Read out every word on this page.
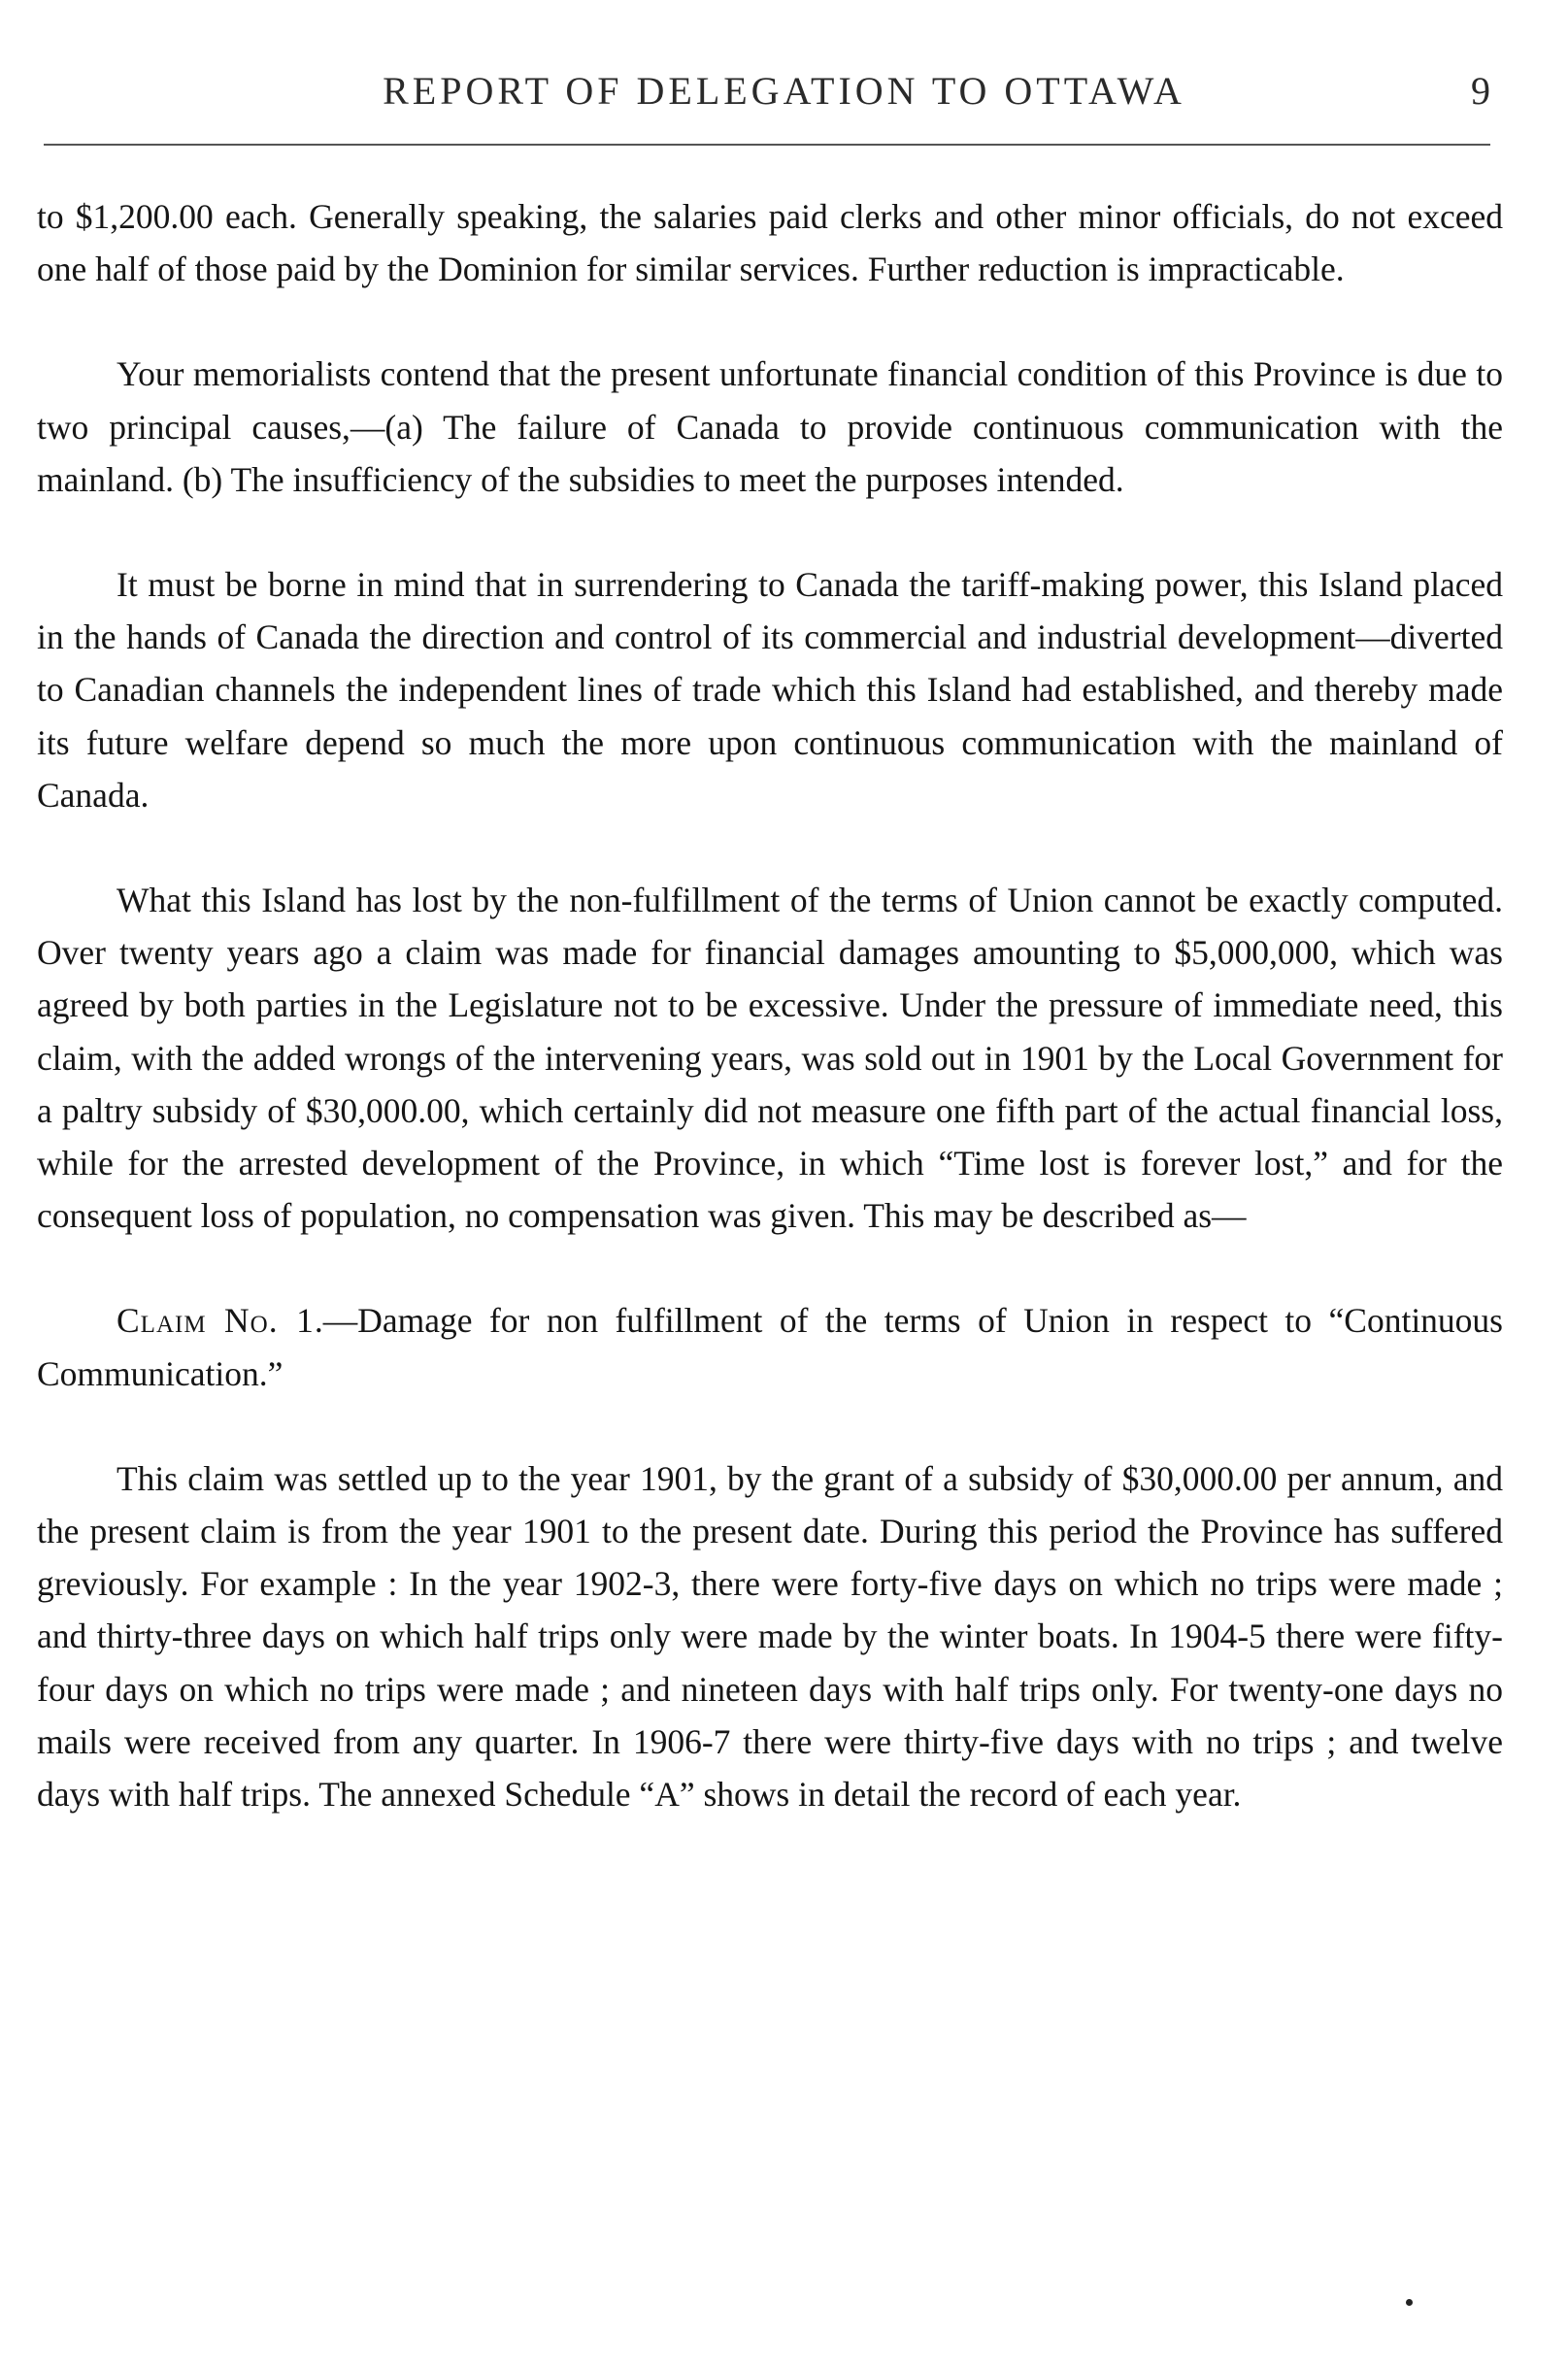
REPORT OF DELEGATION TO OTTAWA	9

to $1,200.00 each. Generally speaking, the salaries paid clerks and other minor officials, do not exceed one half of those paid by the Dominion for similar services. Further reduction is impracticable.

Your memorialists contend that the present unfortunate financial condition of this Province is due to two principal causes,—(a) The failure of Canada to provide continuous communication with the mainland. (b) The insufficiency of the subsidies to meet the purposes intended.

It must be borne in mind that in surrendering to Canada the tariff-making power, this Island placed in the hands of Canada the direction and control of its commercial and industrial development—diverted to Canadian channels the independent lines of trade which this Island had established, and thereby made its future welfare depend so much the more upon continuous communication with the mainland of Canada.

What this Island has lost by the non-fulfillment of the terms of Union cannot be exactly computed. Over twenty years ago a claim was made for financial damages amounting to $5,000,000, which was agreed by both parties in the Legislature not to be excessive. Under the pressure of immediate need, this claim, with the added wrongs of the intervening years, was sold out in 1901 by the Local Government for a paltry subsidy of $30,000.00, which certainly did not measure one fifth part of the actual financial loss, while for the arrested development of the Province, in which “Time lost is forever lost,” and for the consequent loss of population, no compensation was given. This may be described as—

Claim No. 1.—Damage for non fulfillment of the terms of Union in respect to “Continuous Communication.”

This claim was settled up to the year 1901, by the grant of a subsidy of $30,000.00 per annum, and the present claim is from the year 1901 to the present date. During this period the Province has suffered greviously. For example : In the year 1902-3, there were forty-five days on which no trips were made ; and thirty-three days on which half trips only were made by the winter boats. In 1904-5 there were fifty-four days on which no trips were made ; and nineteen days with half trips only. For twenty-one days no mails were received from any quarter. In 1906-7 there were thirty-five days with no trips ; and twelve days with half trips. The annexed Schedule “A” shows in detail the record of each year.
